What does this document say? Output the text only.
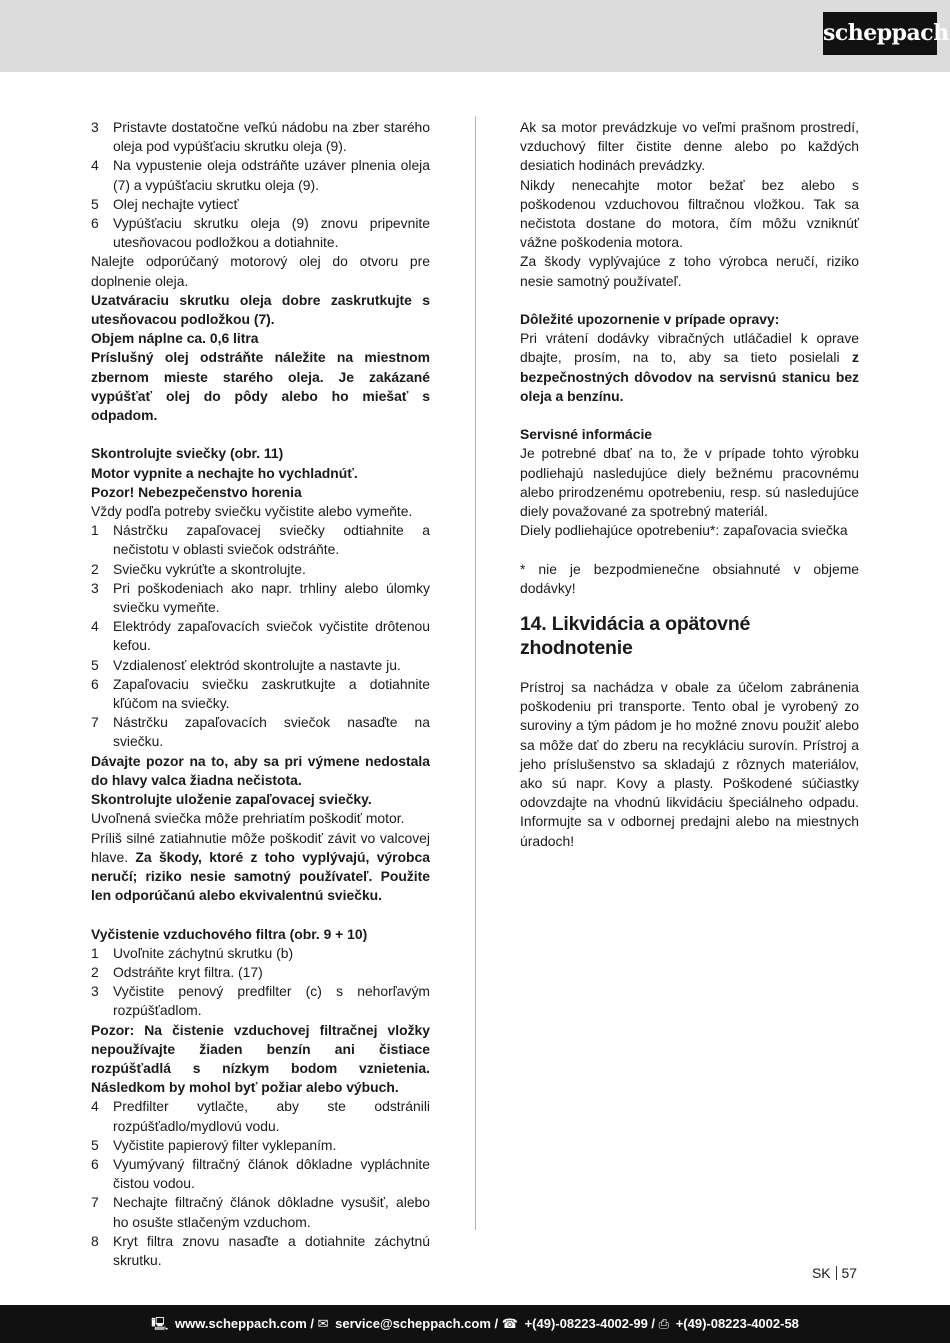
scheppach
3 Pristavte dostatočne veľkú nádobu na zber starého oleja pod vypúšťaciu skrutku oleja (9).
4 Na vypustenie oleja odstráňte uzáver plnenia oleja (7) a vypúšťaciu skrutku oleja (9).
5 Olej nechajte vytiecť
6 Vypúšťaciu skrutku oleja (9) znovu pripevnite utesňovacou podložkou a dotiahnite.
Nalejte odporúčaný motorový olej do otvoru pre doplnenie oleja.
Uzatváraciu skrutku oleja dobre zaskrutkujte s utesňovacou podložkou (7).
Objem náplne ca. 0,6 litra
Príslušný olej odstráňte náležite na miestnom zbernom mieste starého oleja. Je zakázané vypúšťať olej do pôdy alebo ho miešať s odpadom.
Skontrolujte sviečky (obr. 11)
Motor vypnite a nechajte ho vychladnúť.
Pozor! Nebezpečenstvo horenia
Vždy podľa potreby sviečku vyčistite alebo vymeňte.
1 Nástrčku zapaľovacej sviečky odtiahnite a nečistotu v oblasti sviečok odstráňte.
2 Sviečku vykrúťte a skontrolujte.
3 Pri poškodeniach ako napr. trhliny alebo úlomky sviečku vymeňte.
4 Elektródy zapaľovacích sviečok vyčistite drôtenou kefou.
5 Vzdialenosť elektród skontrolujte a nastavte ju.
6 Zapaľovaciu sviečku zaskrutkujte a dotiahnite kľúčom na sviečky.
7 Nástrčku zapaľovacích sviečok nasaďte na sviečku.
Dávajte pozor na to, aby sa pri výmene nedostala do hlavy valca žiadna nečistota.
Skontrolujte uloženie zapaľovacej sviečky.
Uvoľnená sviečka môže prehriatím poškodiť motor.
Príliš silné zatiahnutie môže poškodiť závit vo valcovej hlave. Za škody, ktoré z toho vyplývajú, výrobca neručí; riziko nesie samotný používateľ. Použite len odporúčanú alebo ekvivalentnú sviečku.
Vyčistenie vzduchového filtra (obr. 9 + 10)
1 Uvoľnite záchytnú skrutku (b)
2 Odstráňte kryt filtra. (17)
3 Vyčistite penový predfilter (c) s nehorľavým rozpúšťadlom.
Pozor: Na čistenie vzduchovej filtračnej vložky nepoužívajte žiaden benzín ani čistiace rozpúšťadlá s nízkym bodom vznietenia. Následkom by mohol byť požiar alebo výbuch.
4 Predfilter vytlačte, aby ste odstránili rozpúšťadlo/mydlovú vodu.
5 Vyčistite papierový filter vyklepaním.
6 Vyumývaný filtračný článok dôkladne vypláchnite čistou vodou.
7 Nechajte filtračný článok dôkladne vysušiť, alebo ho osušte stlačeným vzduchom.
8 Kryt filtra znovu nasaďte a dotiahnite záchytnú skrutku.
Ak sa motor prevádzkuje vo veľmi prašnom prostredí, vzduchový filter čistite denne alebo po každých desiatich hodinách prevádzky.
Nikdy nenecahjte motor bežať bez alebo s poškodenou vzduchovou filtračnou vložkou. Tak sa nečistota dostane do motora, čím môžu vzniknúť vážne poškodenia motora.
Za škody vyplývajúce z toho výrobca neručí, riziko nesie samotný používateľ.
Dôležité upozornenie v prípade opravy:
Pri vrátení dodávky vibračných utláčadiel k oprave dbajte, prosím, na to, aby sa tieto posielali z bezpečnostných dôvodov na servisnú stanicu bez oleja a benzínu.
Servisné informácie
Je potrebné dbať na to, že v prípade tohto výrobku podliehajú nasledujúce diely bežnému pracovnému alebo prirodzenému opotrebeniu, resp. sú nasledujúce diely považované za spotrebný materiál.
Diely podliehajúce opotrebeniu*: zapaľovacia sviečka
* nie je bezpodmienečne obsiahnuté v objeme dodávky!
14. Likvidácia a opätovné zhodnotenie
Prístroj sa nachádza v obale za účelom zabránenia poškodeniu pri transporte. Tento obal je vyrobený zo suroviny a tým pádom je ho možné znovu použiť alebo sa môže dať do zberu na recykláciu surovín. Prístroj a jeho príslušenstvo sa skladajú z rôznych materiálov, ako sú napr. Kovy a plasty. Poškodené súčiastky odovzdajte na vhodnú likvidáciu špeciálneho odpadu. Informujte sa v odbornej predajni alebo na miestnych úradoch!
SK 57
🖳 www.scheppach.com / ✉ service@scheppach.com / ☎ +(49)-08223-4002-99 / ⎙ +(49)-08223-4002-58
